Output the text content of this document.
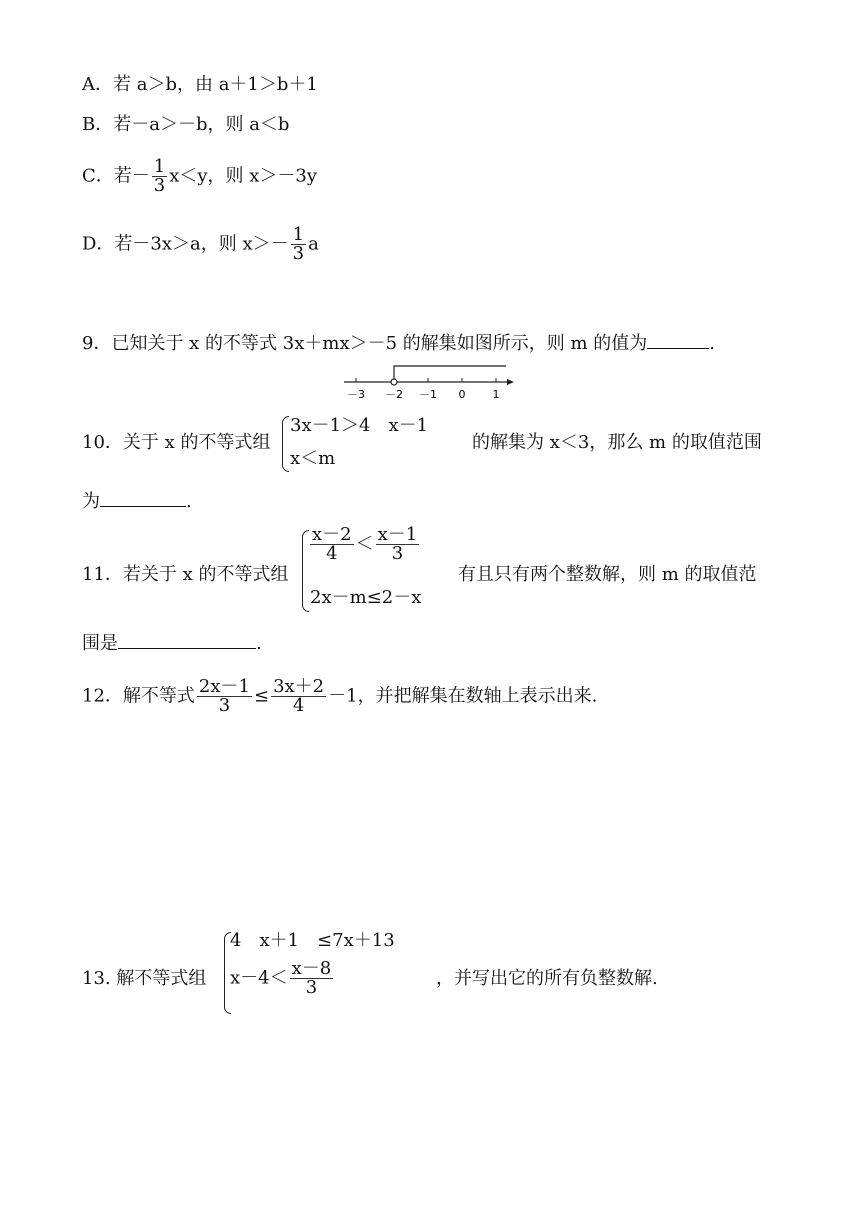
A．若 a＞b，由 a＋1＞b＋1
B．若－a＞－b，则 a＜b
C．若－ $\frac{1}{3} x<y$，则 x＞－3y
D．若－3x＞a，则 $x>- \frac{1}{3}$ a
9．已知关于 x 的不等式 3x＋mx＞－5 的解集如图所示，则 m 的值为	.
－3 －2 －1 0 1
10．关于 x 的不等式组
3x－1＞4　x－1
x＜m
的解集为 x＜3，那么 m 的取值范围
为	.
11．若关于 x 的不等式组
$\frac{x-2}{4} < \frac{x-1}{3}$
2x－m≤2－x
有且只有两个整数解，则 m 的取值范
围是	.
12．解不等式 $\frac{2x-1}{3} \le \frac{3x+2}{4} -1$，并把解集在数轴上表示出来.
13. 解不等式组
4　x＋1　≤7x＋13
$x-4< \frac{x-8}{3}$	，并写出它的所有负整数解.
